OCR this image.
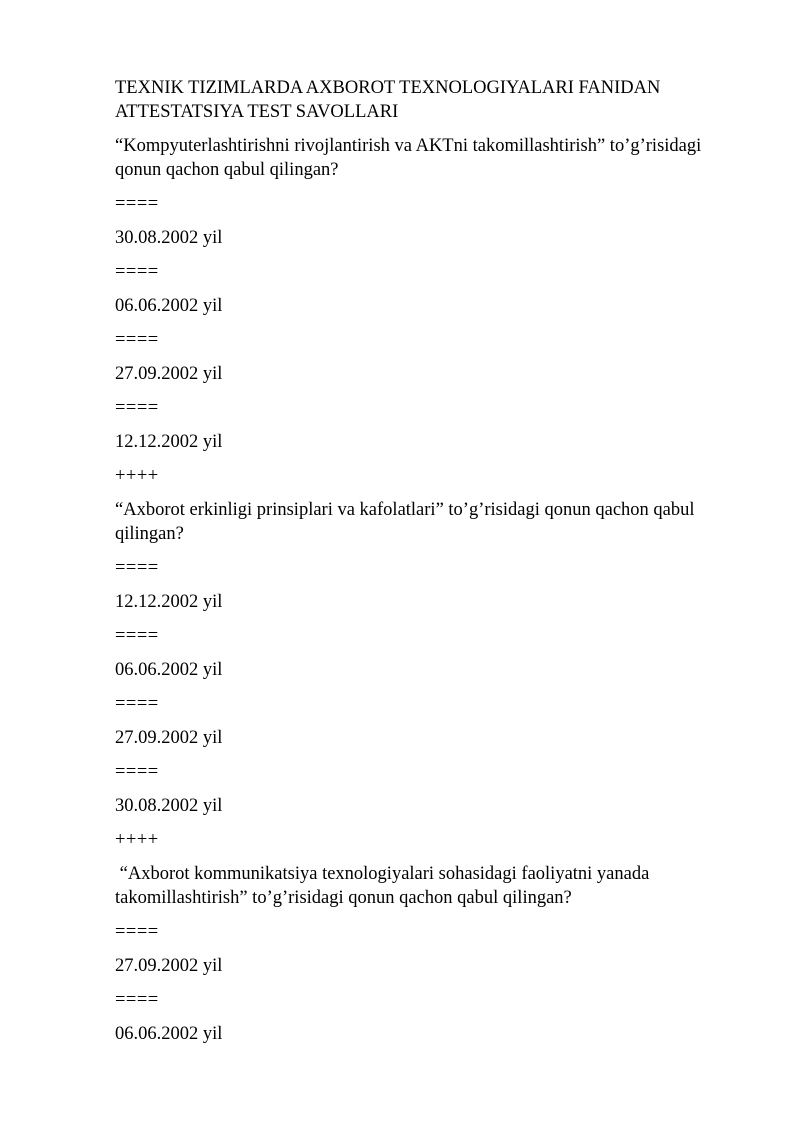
TEXNIK TIZIMLARDA AXBOROT TEXNOLOGIYALARI FANIDAN ATTESTATSIYA TEST SAVOLLARI

“Kompyuterlashtirishni rivojlantirish va AKTni takomillashtirish” to’g’risidagi qonun qachon qabul qilingan?

====

30.08.2002 yil

====

06.06.2002 yil

====

27.09.2002 yil

====

12.12.2002 yil

++++

“Axborot erkinligi prinsiplari va kafolatlari” to’g’risidagi qonun qachon qabul qilingan?

====

12.12.2002 yil

====

06.06.2002 yil

====

27.09.2002 yil

====

30.08.2002 yil

++++

“Axborot kommunikatsiya texnologiyalari sohasidagi faoliyatni yanada takomillashtirish” to’g’risidagi qonun qachon qabul qilingan?

====

27.09.2002 yil

====

06.06.2002 yil
